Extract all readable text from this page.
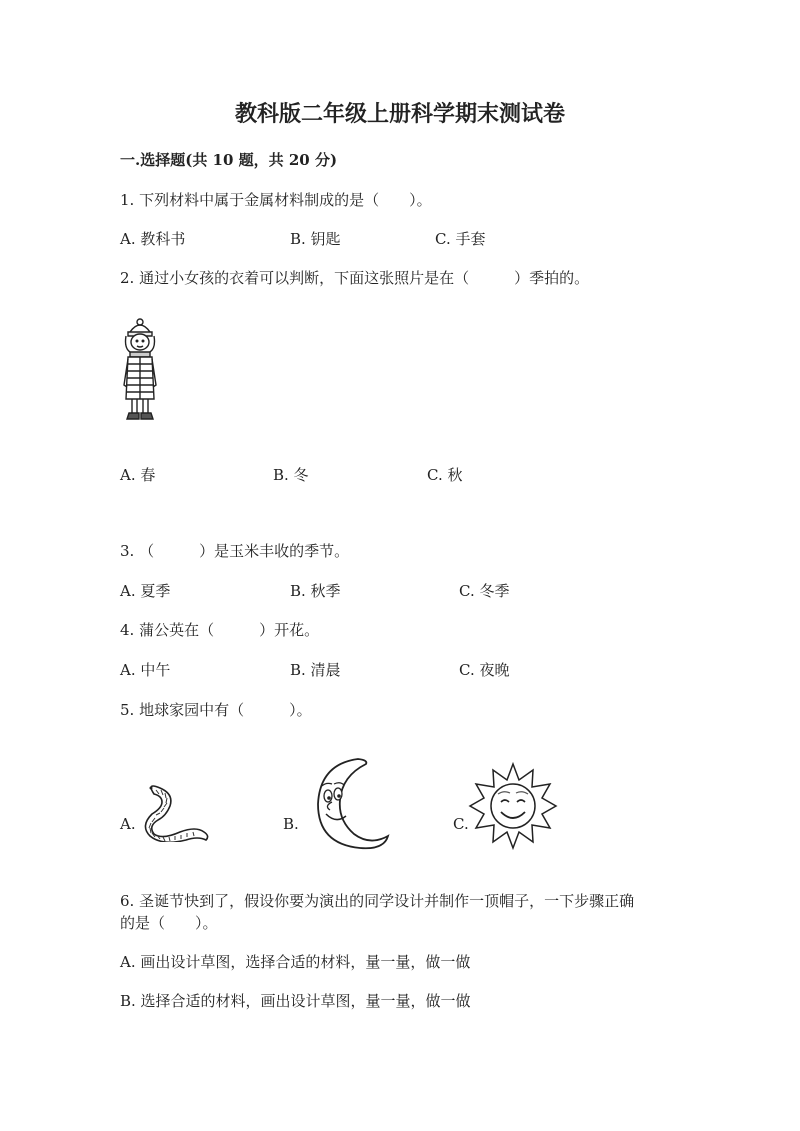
教科版二年级上册科学期末测试卷
一.选择题(共 10 题，共 20 分)
1. 下列材料中属于金属材料制成的是（　　）。
A. 教科书	B. 钥匙	C. 手套
2. 通过小女孩的衣着可以判断，下面这张照片是在（　　　）季拍的。
A. 春	B. 冬	C. 秋
3. （　　　）是玉米丰收的季节。
A. 夏季	B. 秋季	C. 冬季
4. 蒲公英在（　　　）开花。
A. 中午	B. 清晨	C. 夜晚
5. 地球家园中有（　　　）。
A.	B.	C.
6. 圣诞节快到了，假设你要为演出的同学设计并制作一顶帽子，一下步骤正确
的是（　　）。
A. 画出设计草图，选择合适的材料，量一量，做一做
B. 选择合适的材料，画出设计草图，量一量，做一做
